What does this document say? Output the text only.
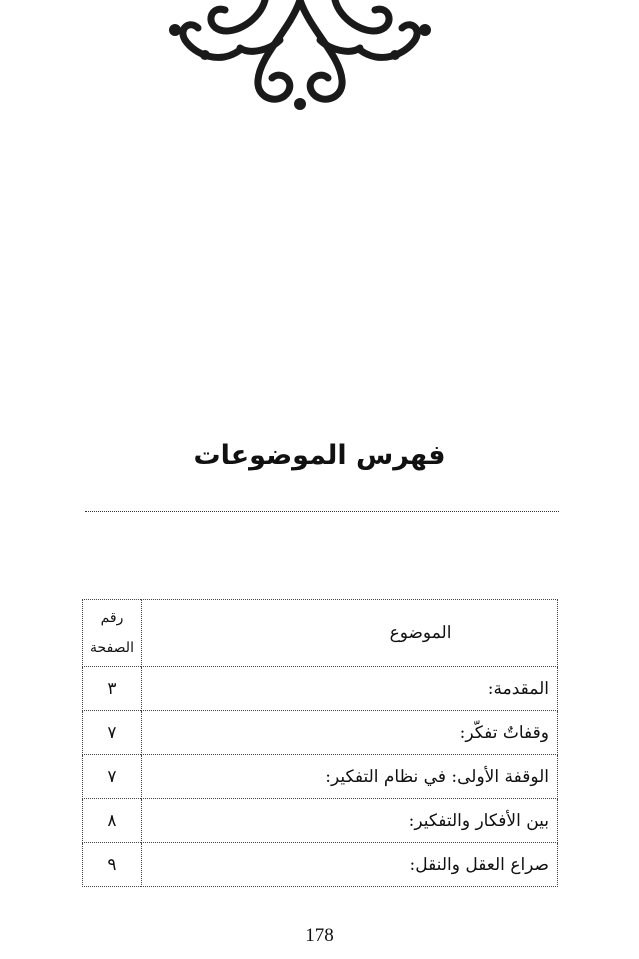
فهرس الموضوعات
الموضوع	رقم
الصفحة

المقدمة:	٣
وقفاتٌ تفكّر:	٧
الوقفة الأولى: في نظام التفكير:	٧
بين الأفكار والتفكير:	٨
صراع العقل والنقل:	٩
178
